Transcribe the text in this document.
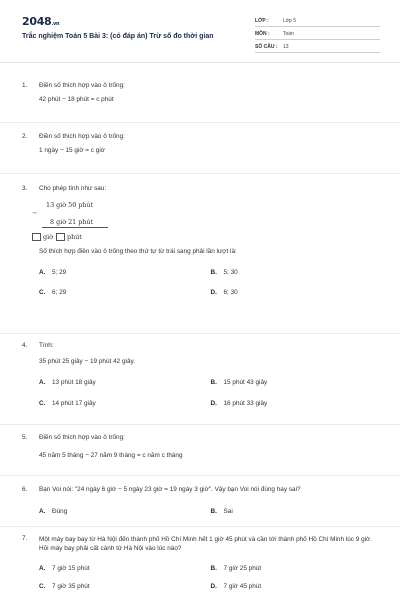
2048.vn
Trắc nghiệm Toán 5 Bài 3: (có đáp án) Trừ số đo thời gian
LỚP :	Lớp 5
MÔN :	Toán
SỐ CÂU :	13
1.	Điền số thích hợp vào ô trống:
42 phút − 18 phút = c phút
2.	Điền số thích hợp vào ô trống:
1 ngày − 15 giờ = c giờ
3.	Cho phép tính như sau:
13 giờ 50 phút
−
8 giờ 21 phút
giờ phút
Số thích hợp điền vào ô trống theo thứ tự từ trái sang phải lần lượt là:
A.	5; 29	B.	5; 30
C.	6; 29	D.	6; 30
4.	Tính:
35 phút 25 giây − 19 phút 42 giây.
A.	13 phút 18 giây	B.	15 phút 43 giây
C.	14 phút 17 giây	D.	16 phút 33 giây
5.	Điền số thích hợp vào ô trống:
45 năm 5 tháng − 27 năm 9 tháng = c năm c tháng
6.	Bạn Voi nói: "24 ngày 6 giờ − 5 ngày 23 giờ = 19 ngày 3 giờ". Vậy bạn Voi nói đúng hay sai?
A.	Đúng	B.	Sai
7.	Một máy bay bay từ Hà Nội đến thành phố Hồ Chí Minh hết 1 giờ 45 phút và cần tới thành phố Hồ Chí Minh lúc 9 giờ. Hỏi máy bay phải cất cánh từ Hà Nội vào lúc nào?
A.	7 giờ 15 phút	B.	7 giờ 25 phút
C.	7 giờ 35 phút	D.	7 giờ 45 phút
